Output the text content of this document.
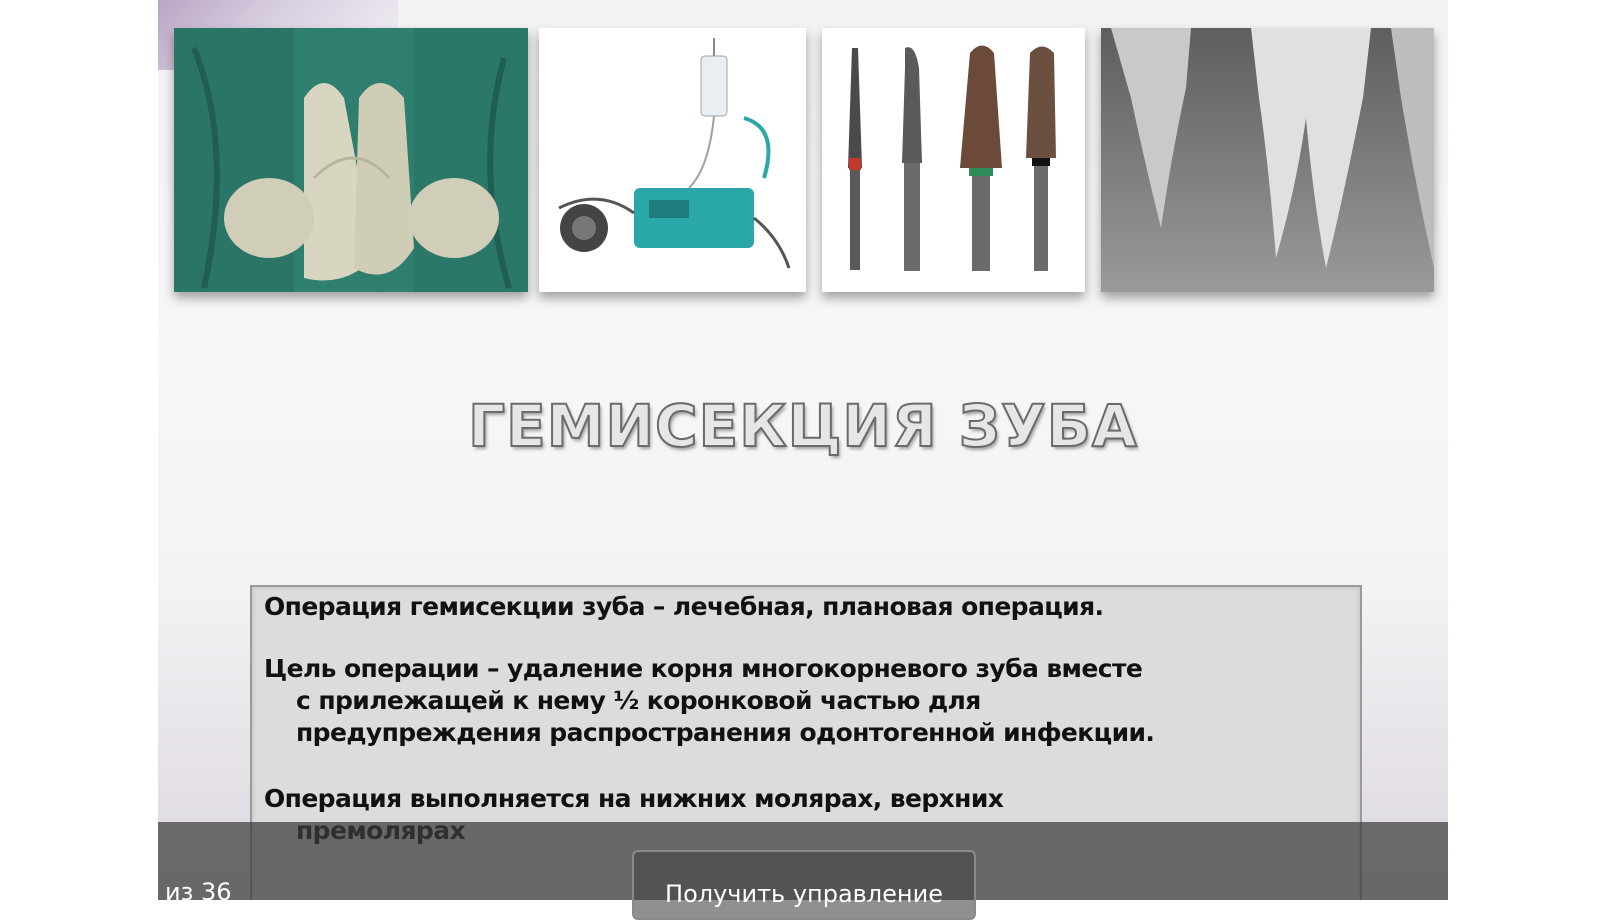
ГЕМИСЕКЦИЯ ЗУБА

Операция гемисекции зуба – лечебная, плановая операция.

Цель операции – удаление корня многокорневого зуба вместе
с прилежащей к нему ½ коронковой частью для
предупреждения распространения одонтогенной инфекции.

Операция выполняется на нижних молярах, верхних

из 36	Получить управление
